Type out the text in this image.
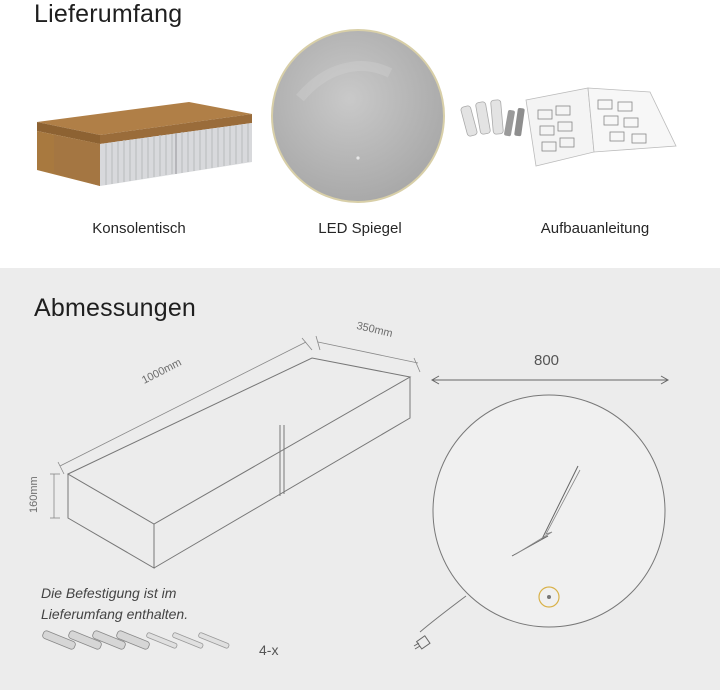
Lieferumfang
Konsolentisch	LED Spiegel	Aufbauanleitung
Abmessungen
1000mm
350mm
160mm
800
Die Befestigung ist im
Lieferumfang enthalten.
4-x
